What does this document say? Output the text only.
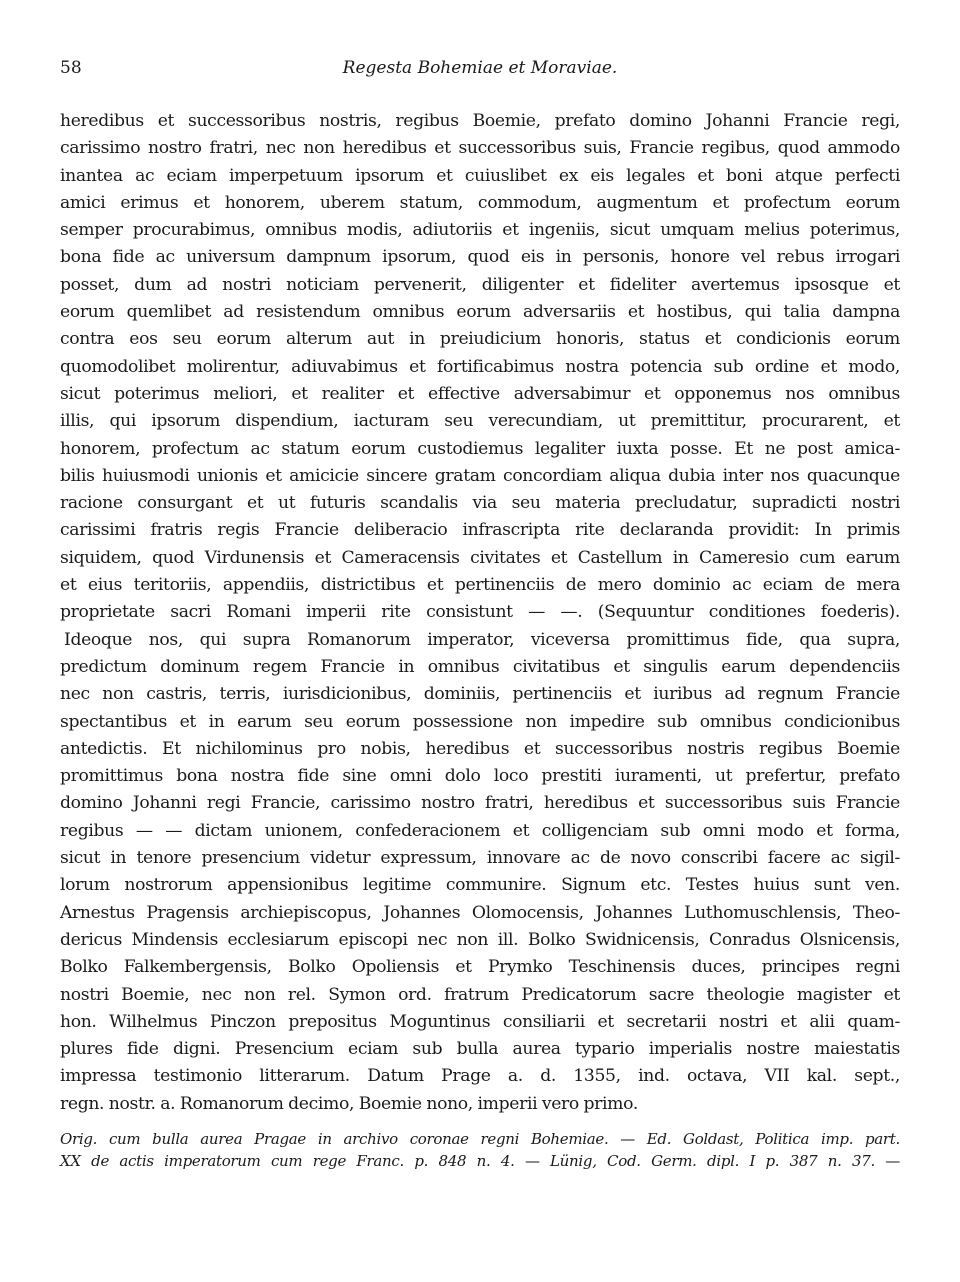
58	Regesta Bohemiae et Moraviae.
heredibus et successoribus nostris, regibus Boemie, prefato domino Johanni Francie regi,
carissimo nostro fratri, nec non heredibus et successoribus suis, Francie regibus, quod ammodo
inantea ac eciam imperpetuum ipsorum et cuiuslibet ex eis legales et boni atque perfecti
amici erimus et honorem, uberem statum, commodum, augmentum et profectum eorum
semper procurabimus, omnibus modis, adiutoriis et ingeniis, sicut umquam melius poterimus,
bona fide ac universum dampnum ipsorum, quod eis in personis, honore vel rebus irrogari
posset, dum ad nostri noticiam pervenerit, diligenter et fideliter avertemus ipsosque et
eorum quemlibet ad resistendum omnibus eorum adversariis et hostibus, qui talia dampna
contra eos seu eorum alterum aut in preiudicium honoris, status et condicionis eorum
quomodolibet molirentur, adiuvabimus et fortificabimus nostra potencia sub ordine et modo,
sicut poterimus meliori, et realiter et effective adversabimur et opponemus nos omnibus
illis, qui ipsorum dispendium, iacturam seu verecundiam, ut premittitur, procurarent, et
honorem, profectum ac statum eorum custodiemus legaliter iuxta posse. Et ne post amica-
bilis huiusmodi unionis et amicicie sincere gratam concordiam aliqua dubia inter nos quacunque
racione consurgant et ut futuris scandalis via seu materia precludatur, supradicti nostri
carissimi fratris regis Francie deliberacio infrascripta rite declaranda providit: In primis
siquidem, quod Virdunensis et Cameracensis civitates et Castellum in Cameresio cum earum
et eius teritoriis, appendiis, districtibus et pertinenciis de mero dominio ac eciam de mera
proprietate sacri Romani imperii rite consistunt — —. (Sequuntur conditiones foederis).
Ideoque nos, qui supra Romanorum imperator, viceversa promittimus fide, qua supra,
predictum dominum regem Francie in omnibus civitatibus et singulis earum dependenciis
nec non castris, terris, iurisdicionibus, dominiis, pertinenciis et iuribus ad regnum Francie
spectantibus et in earum seu eorum possessione non impedire sub omnibus condicionibus
antedictis. Et nichilominus pro nobis, heredibus et successoribus nostris regibus Boemie
promittimus bona nostra fide sine omni dolo loco prestiti iuramenti, ut prefertur, prefato
domino Johanni regi Francie, carissimo nostro fratri, heredibus et successoribus suis Francie
regibus — — dictam unionem, confederacionem et colligenciam sub omni modo et forma,
sicut in tenore presencium videtur expressum, innovare ac de novo conscribi facere ac sigil-
lorum nostrorum appensionibus legitime communire. Signum etc. Testes huius sunt ven.
Arnestus Pragensis archiepiscopus, Johannes Olomocensis, Johannes Luthomuschlensis, Theo-
dericus Mindensis ecclesiarum episcopi nec non ill. Bolko Swidnicensis, Conradus Olsnicensis,
Bolko Falkembergensis, Bolko Opoliensis et Prymko Teschinensis duces, principes regni
nostri Boemie, nec non rel. Symon ord. fratrum Predicatorum sacre theologie magister et
hon. Wilhelmus Pinczon prepositus Moguntinus consiliarii et secretarii nostri et alii quam-
plures fide digni. Presencium eciam sub bulla aurea typario imperialis nostre maiestatis
impressa testimonio litterarum. Datum Prage a. d. 1355, ind. octava, VII kal. sept.,
regn. nostr. a. Romanorum decimo, Boemie nono, imperii vero primo.
Orig. cum bulla aurea Pragae in archivo coronae regni Bohemiae. — Ed. Goldast, Politica imp. part.
XX de actis imperatorum cum rege Franc. p. 848 n. 4. — Lünig, Cod. Germ. dipl. I p. 387 n. 37. —
